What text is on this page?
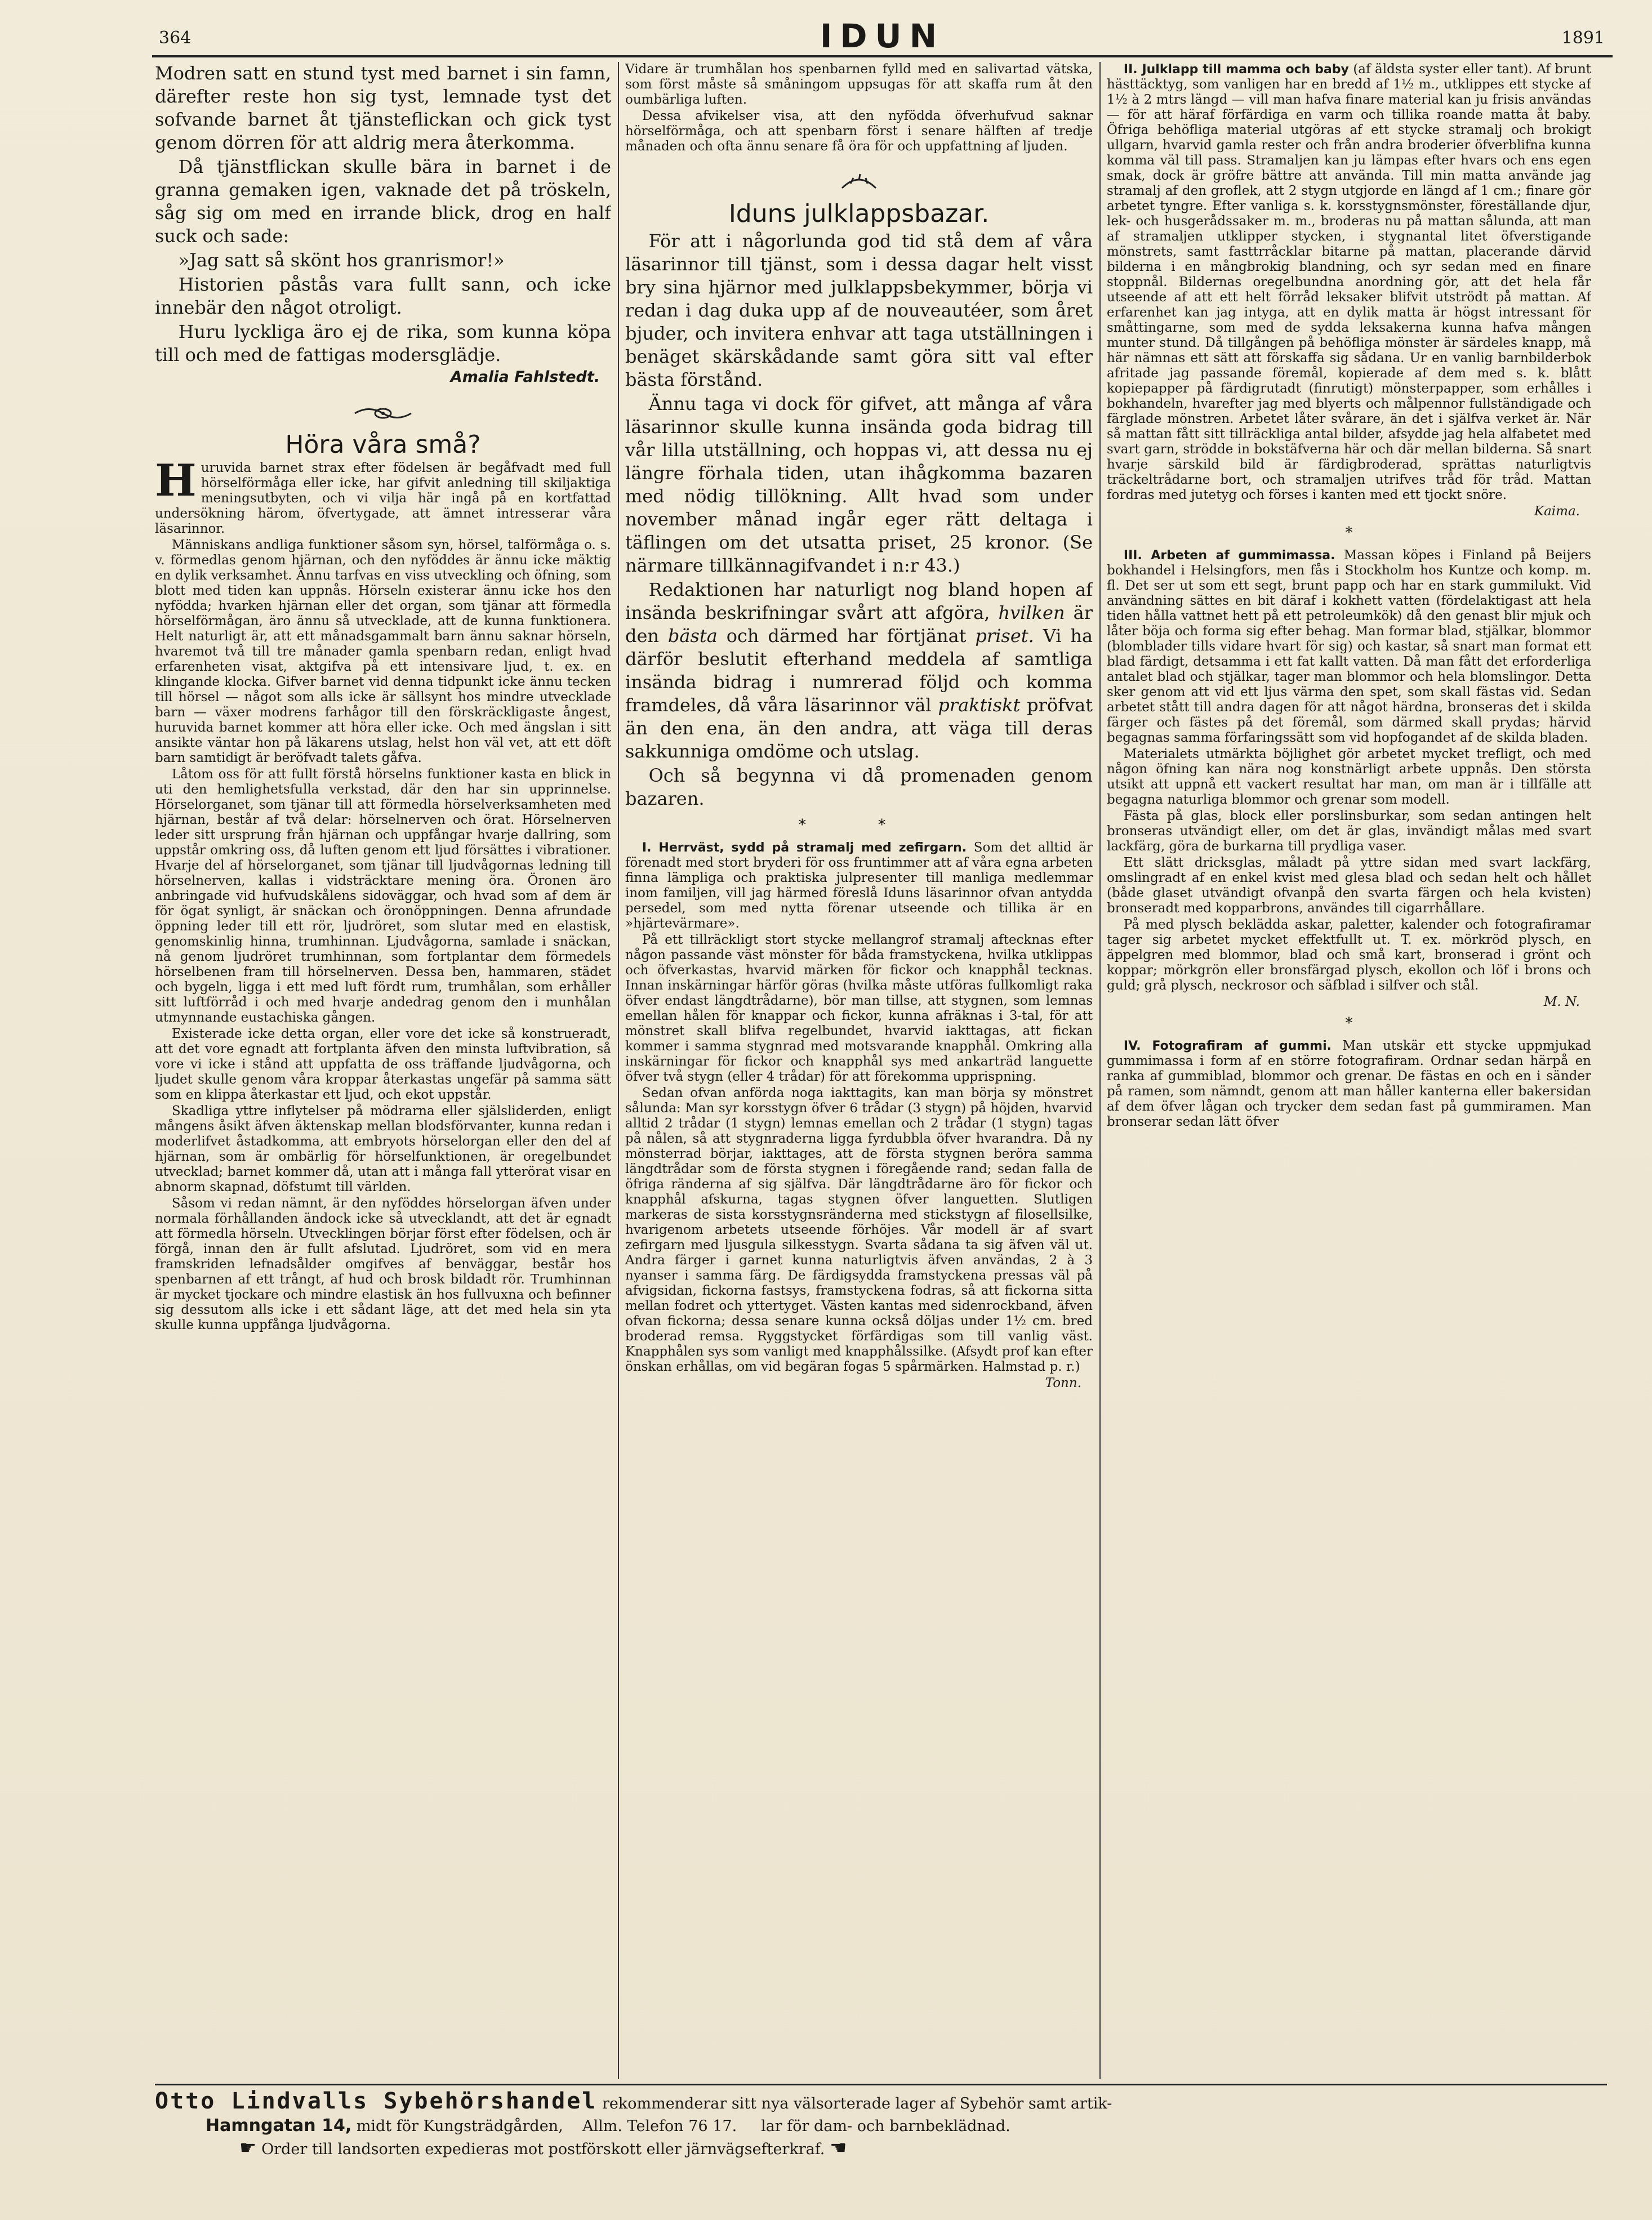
364	IDUN	1891

Modren satt en stund tyst med barnet i sin famn, därefter reste hon sig tyst, lemnade tyst det sofvande barnet åt tjänsteflickan och gick tyst genom dörren för att aldrig mera återkomma.

Då tjänstflickan skulle bära in barnet i de granna gemaken igen, vaknade det på tröskeln, såg sig om med en irrande blick, drog en half suck och sade:

»Jag satt så skönt hos granrismor!»

Historien påstås vara fullt sann, och icke innebär den något otroligt.

Huru lyckliga äro ej de rika, som kunna köpa till och med de fattigas modersglädje.

Amalia Fahlstedt.
Höra våra små?

Huruvida barnet strax efter födelsen är begåfvadt med full hörselförmåga eller icke, har gifvit anledning till skiljaktiga meningsutbyten, och vi vilja här ingå på en kortfattad undersökning härom, öfvertygade, att ämnet intresserar våra läsarinnor.

Människans andliga funktioner såsom syn, hörsel, talförmåga o. s. v. förmedlas genom hjärnan, och den nyföddes är ännu icke mäktig en dylik verksamhet. Ännu tarfvas en viss utveckling och öfning, som blott med tiden kan uppnås. Hörseln existerar ännu icke hos den nyfödda; hvarken hjärnan eller det organ, som tjänar att förmedla hörselförmågan, äro ännu så utvecklade, att de kunna funktionera. Helt naturligt är, att ett månadsgammalt barn ännu saknar hörseln, hvaremot två till tre månader gamla spenbarn redan, enligt hvad erfarenheten visat, aktgifva på ett intensivare ljud, t. ex. en klingande klocka. Gifver barnet vid denna tidpunkt icke ännu tecken till hörsel — något som alls icke är sällsynt hos mindre utvecklade barn — växer modrens farhågor till den förskräckligaste ångest, huruvida barnet kommer att höra eller icke. Och med ängslan i sitt ansikte väntar hon på läkarens utslag, helst hon väl vet, att ett döft barn samtidigt är beröfvadt talets gåfva.

Låtom oss för att fullt förstå hörselns funktioner kasta en blick in uti den hemlighetsfulla verkstad, där den har sin upprinnelse. Hörselorganet, som tjänar till att förmedla hörselverksamheten med hjärnan, består af två delar: hörselnerven och örat. Hörselnerven leder sitt ursprung från hjärnan och uppfångar hvarje dallring, som uppstår omkring oss, då luften genom ett ljud försättes i vibrationer. Hvarje del af hörselorganet, som tjänar till ljudvågornas ledning till hörselnerven, kallas i vidsträcktare mening öra. Öronen äro anbringade vid hufvudskålens sidoväggar, och hvad som af dem är för ögat synligt, är snäckan och öronöppningen. Denna afrundade öppning leder till ett rör, ljudröret, som slutar med en elastisk, genomskinlig hinna, trumhinnan. Ljudvågorna, samlade i snäckan, nå genom ljudröret trumhinnan, som fortplantar dem förmedels hörselbenen fram till hörselnerven. Dessa ben, hammaren, städet och bygeln, ligga i ett med luft fördt rum, trumhålan, som erhåller sitt luftförråd i och med hvarje andedrag genom den i munhålan utmynnande eustachiska gången.

Existerade icke detta organ, eller vore det icke så konstrueradt, att det vore egnadt att fortplanta äfven den minsta luftvibration, så vore vi icke i stånd att uppfatta de oss träffande ljudvågorna, och ljudet skulle genom våra kroppar återkastas ungefär på samma sätt som en klippa återkastar ett ljud, och ekot uppstår.

Skadliga yttre inflytelser på mödrarna eller själsliderden, enligt mångens åsikt äfven äktenskap mellan blodsförvanter, kunna redan i moderlifvet åstadkomma, att embryots hörselorgan eller den del af hjärnan, som är ombärlig för hörselfunktionen, är oregelbundet utvecklad; barnet kommer då, utan att i många fall ytterörat visar en abnorm skapnad, döfstumt till världen.

Såsom vi redan nämnt, är den nyföddes hörselorgan äfven under normala förhållanden ändock icke så utvecklandt, att det är egnadt att förmedla hörseln. Utvecklingen börjar först efter födelsen, och är förgå, innan den är fullt afslutad. Ljudröret, som vid en mera framskriden lefnadsålder omgifves af benväggar, består hos spenbarnen af ett trångt, af hud och brosk bildadt rör. Trumhinnan är mycket tjockare och mindre elastisk än hos fullvuxna och befinner sig dessutom alls icke i ett sådant läge, att det med hela sin yta skulle kunna uppfånga ljudvågorna.

Vidare är trumhålan hos spenbarnen fylld med en salivartad vätska, som först måste så småningom uppsugas för att skaffa rum åt den oumbärliga luften.

Dessa afvikelser visa, att den nyfödda öfverhufvud saknar hörselförmåga, och att spenbarn först i senare hälften af tredje månaden och ofta ännu senare få öra för och uppfattning af ljuden.

Iduns julklappsbazar.

För att i någorlunda god tid stå dem af våra läsarinnor till tjänst, som i dessa dagar helt visst bry sina hjärnor med julklappsbekymmer, börja vi redan i dag duka upp af de nouveautéer, som året bjuder, och invitera enhvar att taga utställningen i benäget skärskådande samt göra sitt val efter bästa förstånd.

Ännu taga vi dock för gifvet, att många af våra läsarinnor skulle kunna insända goda bidrag till vår lilla utställning, och hoppas vi, att dessa nu ej längre förhala tiden, utan ihågkomma bazaren med nödig tillökning. Allt hvad som under november månad ingår eger rätt deltaga i täflingen om det utsatta priset, 25 kronor. (Se närmare tillkännagifvandet i n:r 43.)

Redaktionen har naturligt nog bland hopen af insända beskrifningar svårt att afgöra, hvilken är den bästa och därmed har förtjänat priset. Vi ha därför beslutit efterhand meddela af samtliga insända bidrag i numrerad följd och komma framdeles, då våra läsarinnor väl praktiskt pröfvat än den ena, än den andra, att väga till deras sakkunniga omdöme och utslag.

Och så begynna vi då promenaden genom bazaren.

* *

I. Herrväst, sydd på stramalj med zefirgarn. Som det alltid är förenadt med stort bryderi för oss fruntimmer att af våra egna arbeten finna lämpliga och praktiska julpresenter till manliga medlemmar inom familjen, vill jag härmed föreslå Iduns läsarinnor ofvan antydda persedel, som med nytta förenar utseende och tillika är en »hjärtevärmare».

På ett tillräckligt stort stycke mellangrof stramalj aftecknas efter någon passande väst mönster för båda framstyckena, hvilka utklippas och öfverkastas, hvarvid märken för fickor och knapphål tecknas. Innan inskärningar härför göras (hvilka måste utföras fullkomligt raka öfver endast längdtrådarne), bör man tillse, att stygnen, som lemnas emellan hålen för knappar och fickor, kunna afräknas i 3-tal, för att mönstret skall blifva regelbundet, hvarvid iakttagas, att fickan kommer i samma stygnrad med motsvarande knapphål. Omkring alla inskärningar för fickor och knapphål sys med ankarträd languette öfver två stygn (eller 4 trådar) för att förekomma upprispning.

Sedan ofvan anförda noga iakttagits, kan man börja sy mönstret sålunda: Man syr korsstygn öfver 6 trådar (3 stygn) på höjden, hvarvid alltid 2 trådar (1 stygn) lemnas emellan och 2 trådar (1 stygn) tagas på nålen, så att stygnraderna ligga fyrdubbla öfver hvarandra. Då ny mönsterrad börjar, iakttages, att de första stygnen beröra samma längdtrådar som de första stygnen i föregående rand; sedan falla de öfriga ränderna af sig själfva. Där längdtrådarne äro för fickor och knapphål afskurna, tagas stygnen öfver languetten. Slutligen markeras de sista korsstygnsränderna med stickstygn af filosellsilke, hvarigenom arbetets utseende förhöjes. Vår modell är af svart zefirgarn med ljusgula silkesstygn. Svarta sådana ta sig äfven väl ut. Andra färger i garnet kunna naturligtvis äfven användas, 2 à 3 nyanser i samma färg. De färdigsydda framstyckena pressas väl på afvigsidan, fickorna fastsys, framstyckena fodras, så att fickorna sitta mellan fodret och yttertyget. Västen kantas med sidenrockband, äfven ofvan fickorna; dessa senare kunna också döljas under 1½ cm. bred broderad remsa. Ryggstycket förfärdigas som till vanlig väst. Knapphålen sys som vanligt med knapphålssilke. (Afsydt prof kan efter önskan erhållas, om vid begäran fogas 5 spårmärken. Halmstad p. r.)

Tonn.

II. Julklapp till mamma och baby (af äldsta syster eller tant). Af brunt hästtäcktyg, som vanligen har en bredd af 1½ m., utklippes ett stycke af 1½ à 2 mtrs längd — vill man hafva finare material kan ju frisis användas — för att häraf förfärdiga en varm och tillika roande matta åt baby. Öfriga behöfliga material utgöras af ett stycke stramalj och brokigt ullgarn, hvarvid gamla rester och från andra broderier öfverblifna kunna komma väl till pass. Stramaljen kan ju lämpas efter hvars och ens egen smak, dock är gröfre bättre att använda. Till min matta använde jag stramalj af den groflek, att 2 stygn utgjorde en längd af 1 cm.; finare gör arbetet tyngre. Efter vanliga s. k. korsstygnsmönster, föreställande djur, lek- och husgerådssaker m. m., broderas nu på mattan sålunda, att man af stramaljen utklipper stycken, i stygnantal litet öfverstigande mönstrets, samt fasttrråcklar bitarne på mattan, placerande därvid bilderna i en mångbrokig blandning, och syr sedan med en finare stoppnål. Bildernas oregelbundna anordning gör, att det hela får utseende af att ett helt förråd leksaker blifvit utströdt på mattan. Af erfarenhet kan jag intyga, att en dylik matta är högst intressant för småttingarne, som med de sydda leksakerna kunna hafva mången munter stund. Då tillgången på behöfliga mönster är särdeles knapp, må här nämnas ett sätt att förskaffa sig sådana. Ur en vanlig barnbilderbok afritade jag passande föremål, kopierade af dem med s. k. blått kopiepapper på färdigrutadt (finrutigt) mönsterpapper, som erhålles i bokhandeln, hvarefter jag med blyerts och målpennor fullständigade och färglade mönstren. Arbetet låter svårare, än det i själfva verket är. När så mattan fått sitt tillräckliga antal bilder, afsydde jag hela alfabetet med svart garn, strödde in bokstäfverna här och där mellan bilderna. Så snart hvarje särskild bild är färdigbroderad, sprättas naturligtvis träckeltrådarne bort, och stramaljen utrifves tråd för tråd. Mattan fordras med jutetyg och förses i kanten med ett tjockt snöre.

Kaima.
*

III. Arbeten af gummimassa. Massan köpes i Finland på Beijers bokhandel i Helsingfors, men fås i Stockholm hos Kuntze och komp. m. fl. Det ser ut som ett segt, brunt papp och har en stark gummilukt. Vid användning sättes en bit däraf i kokhett vatten (fördelaktigast att hela tiden hålla vattnet hett på ett petroleumkök) då den genast blir mjuk och låter böja och forma sig efter behag. Man formar blad, stjälkar, blommor (blomblader tills vidare hvart för sig) och kastar, så snart man format ett blad färdigt, detsamma i ett fat kallt vatten. Då man fått det erforderliga antalet blad och stjälkar, tager man blommor och hela blomslingor. Detta sker genom att vid ett ljus värma den spet, som skall fästas vid. Sedan arbetet stått till andra dagen för att något härdna, bronseras det i skilda färger och fästes på det föremål, som därmed skall prydas; härvid begagnas samma förfaringssätt som vid hopfogandet af de skilda bladen.

Materialets utmärkta böjlighet gör arbetet mycket trefligt, och med någon öfning kan nära nog konstnärligt arbete uppnås. Den största utsikt att uppnå ett vackert resultat har man, om man är i tillfälle att begagna naturliga blommor och grenar som modell.

Fästa på glas, block eller porslinsburkar, som sedan antingen helt bronseras utvändigt eller, om det är glas, invändigt målas med svart lackfärg, göra de burkarna till prydliga vaser.

Ett slätt dricksglas, måladt på yttre sidan med svart lackfärg, omslingradt af en enkel kvist med glesa blad och sedan helt och hållet (både glaset utvändigt ofvanpå den svarta färgen och hela kvisten) bronseradt med kopparbrons, användes till cigarrhållare.

På med plysch beklädda askar, paletter, kalender och fotografiramar tager sig arbetet mycket effektfullt ut. T. ex. mörkröd plysch, en äppelgren med blommor, blad och små kart, bronserad i grönt och koppar; mörkgrön eller bronsfärgad plysch, ekollon och löf i brons och guld; grå plysch, neckrosor och säfblad i silfver och stål.

M. N.
*

IV. Fotografiram af gummi. Man utskär ett stycke uppmjukad gummimassa i form af en större fotografiram. Ordnar sedan härpå en ranka af gummiblad, blommor och grenar. De fästas en och en i sänder på ramen, som nämndt, genom att man håller kanterna eller bakersidan af dem öfver lågan och trycker dem sedan fast på gummiramen. Man bronserar sedan lätt öfver

Otto Lindvalls Sybehörshandel rekommenderar sitt nya välsorterade lager af Sybehör samt artik-
Hamngatan 14, midt för Kungsträdgården, Allm. Telefon 76 17. lar för dam- och barnbeklädnad.
☛ Order till landsorten expedieras mot postförskott eller järnvägsefterkraf. ☚
